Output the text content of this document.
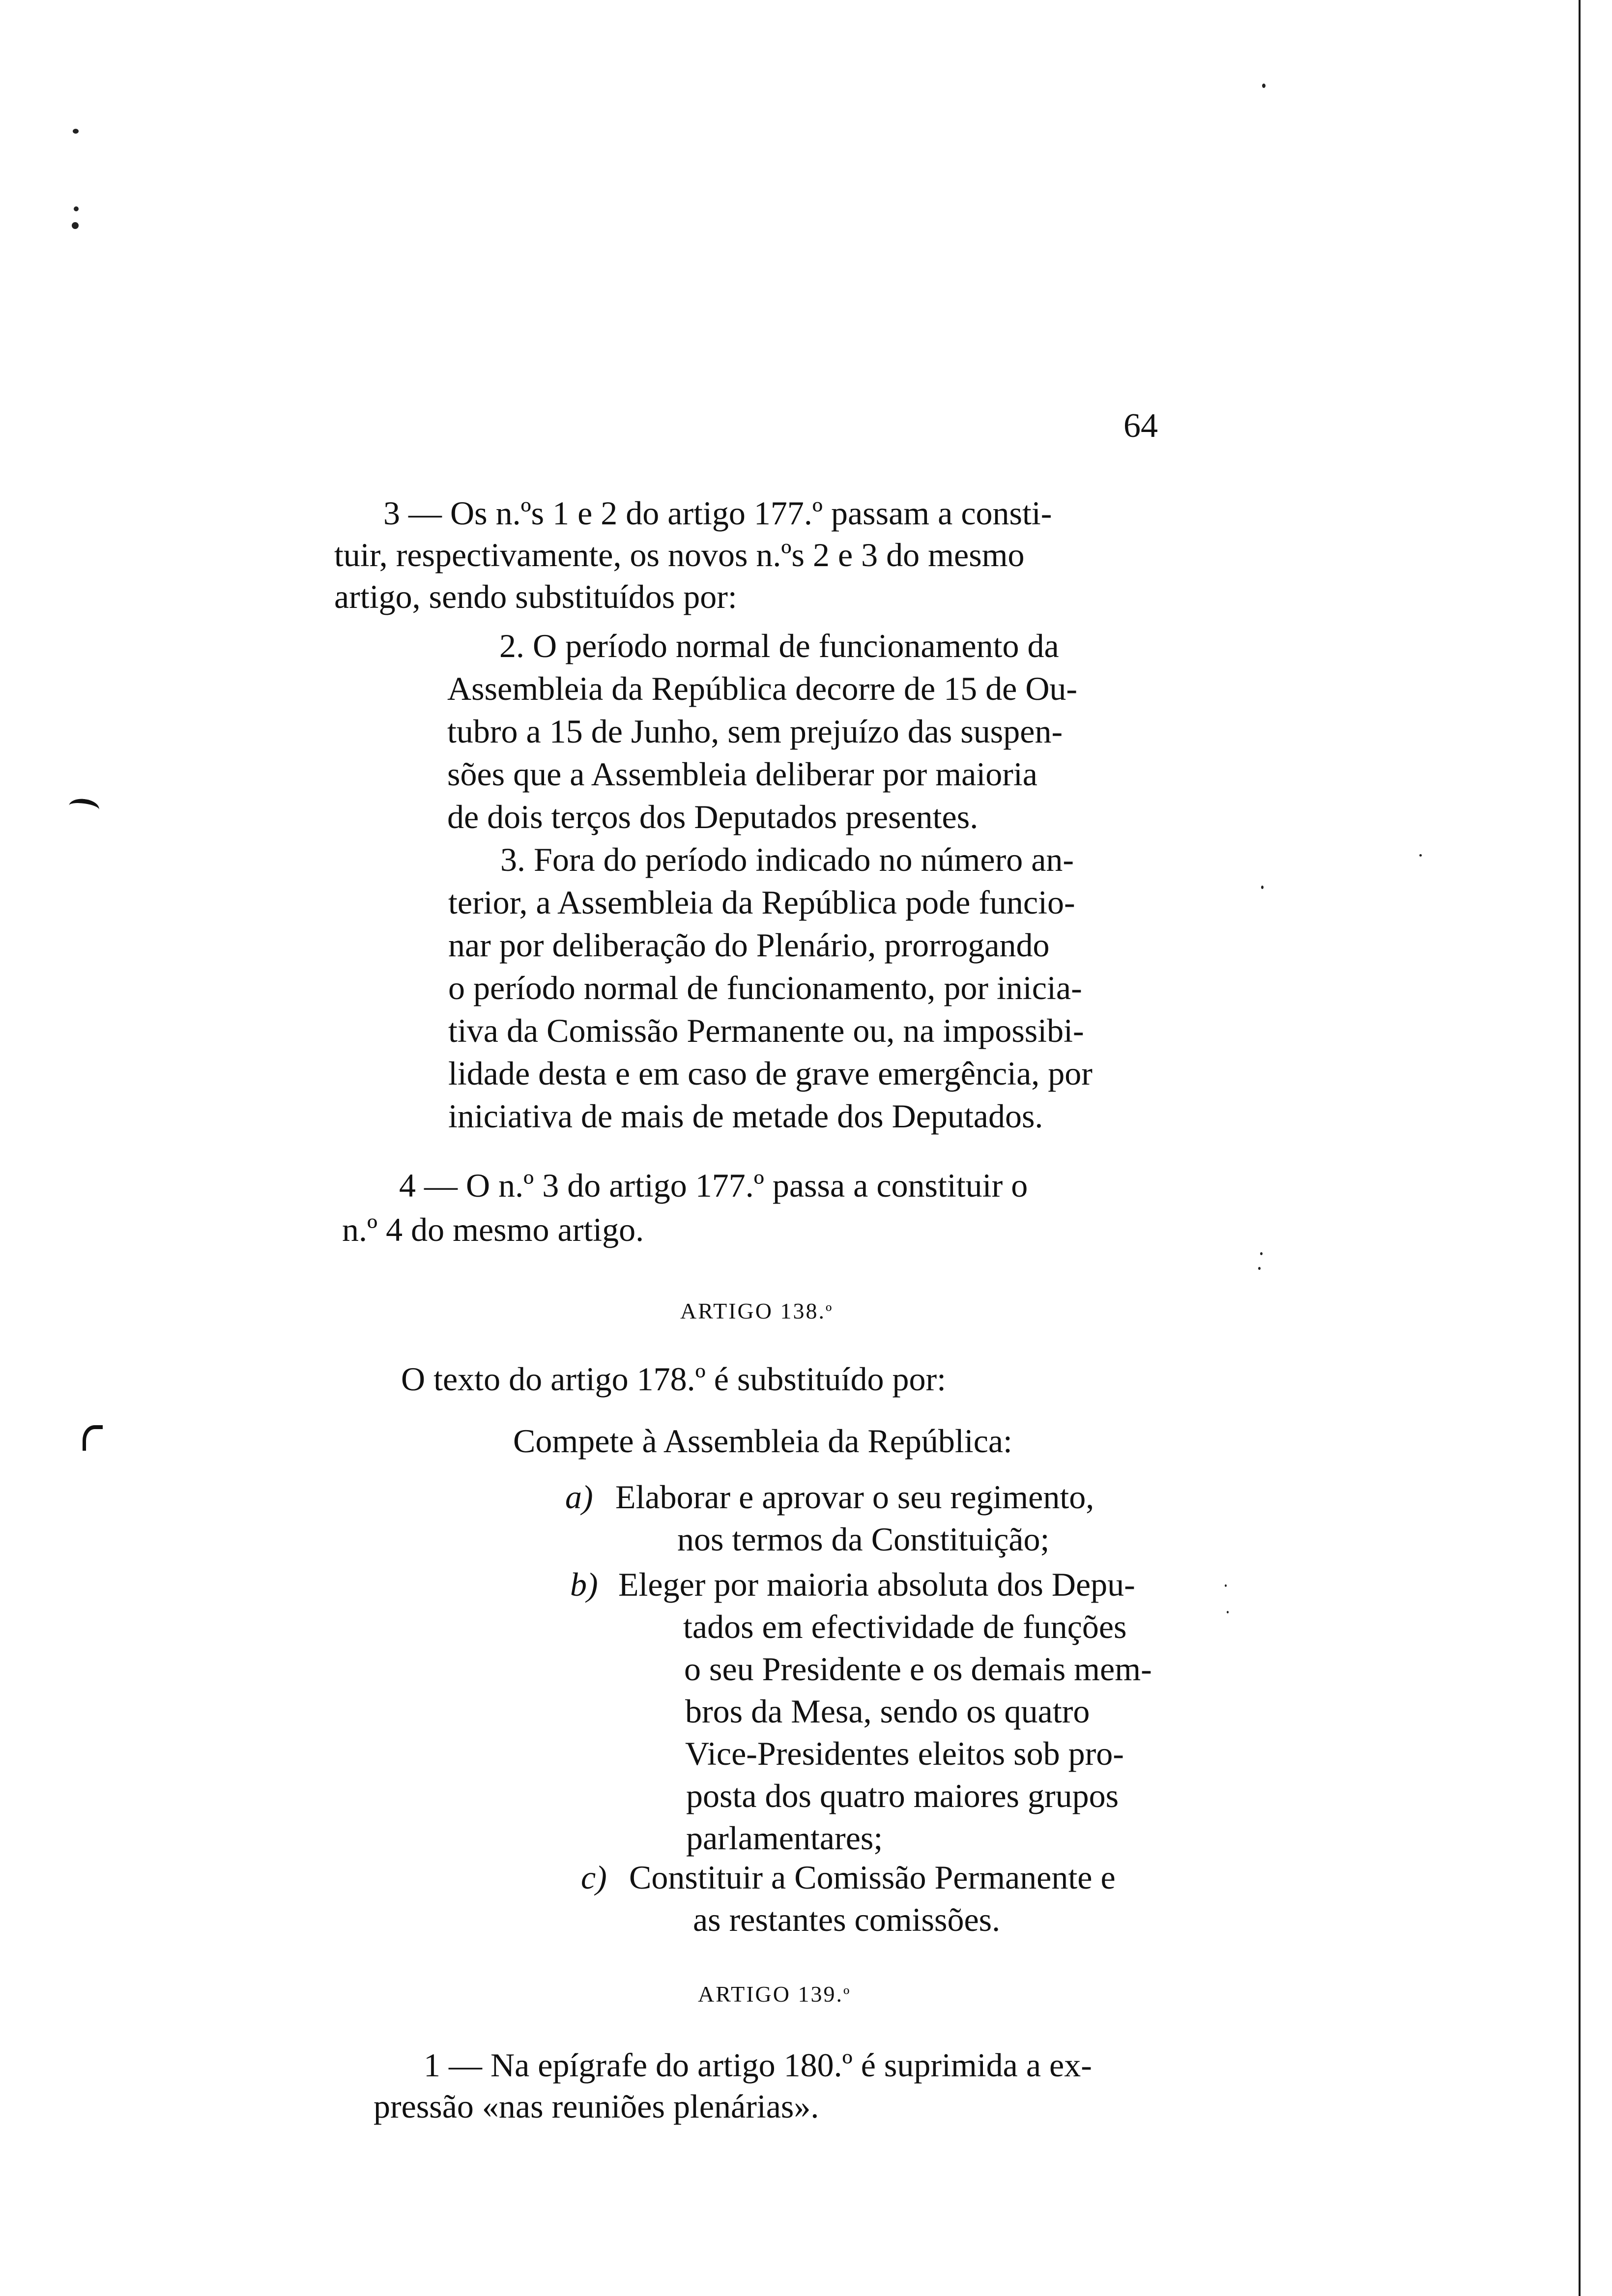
64
3 — Os n.ºs 1 e 2 do artigo 177.º passam a consti-
tuir, respectivamente, os novos n.ºs 2 e 3 do mesmo
artigo, sendo substituídos por:
2. O período normal de funcionamento da
Assembleia da República decorre de 15 de Ou-
tubro a 15 de Junho, sem prejuízo das suspen-
sões que a Assembleia deliberar por maioria
de dois terços dos Deputados presentes.
3. Fora do período indicado no número an-
terior, a Assembleia da República pode funcio-
nar por deliberação do Plenário, prorrogando
o período normal de funcionamento, por inicia-
tiva da Comissão Permanente ou, na impossibi-
lidade desta e em caso de grave emergência, por
iniciativa de mais de metade dos Deputados.
4 — O n.º 3 do artigo 177.º passa a constituir o
n.º 4 do mesmo artigo.
ARTIGO 138.º
O texto do artigo 178.º é substituído por:
Compete à Assembleia da República:
a) Elaborar e aprovar o seu regimento,
nos termos da Constituição;
b) Eleger por maioria absoluta dos Depu-
tados em efectividade de funções
o seu Presidente e os demais mem-
bros da Mesa, sendo os quatro
Vice-Presidentes eleitos sob pro-
posta dos quatro maiores grupos
parlamentares;
c) Constituir a Comissão Permanente e
as restantes comissões.
ARTIGO 139.º
1 — Na epígrafe do artigo 180.º é suprimida a ex-
pressão «nas reuniões plenárias».
